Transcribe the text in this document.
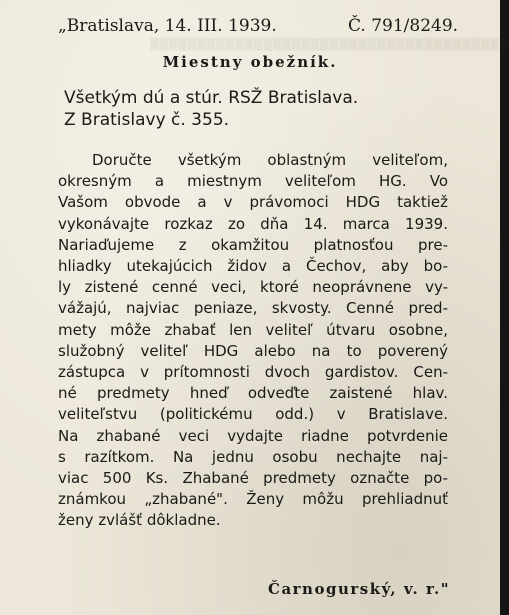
▒▒▒▒▒▒▒▒▒▒▒▒▒▒▒▒▒▒▒▒▒▒▒▒▒▒▒▒▒▒▒▒▒▒▒▒▒▒
„Bratislava, 14. III. 1939.	Č. 791/8249.
Miestny obežník.
Všetkým dú a stúr. RSŽ Bratislava.
Z Bratislavy č. 355.
Doručte všetkým oblastným veliteľom,
okresným a miestnym veliteľom HG. Vo
Vašom obvode a v právomoci HDG taktiež
vykonávajte rozkaz zo dňa 14. marca 1939.
Nariaďujeme z okamžitou platnosťou pre-
hliadky utekajúcich židov a Čechov, aby bo-
ly zistené cenné veci, ktoré neoprávnene vy-
vážajú, najviac peniaze, skvosty. Cenné pred-
mety môže zhabať len veliteľ útvaru osobne,
služobný veliteľ HDG alebo na to poverený
zástupca v prítomnosti dvoch gardistov. Cen-
né predmety hneď odveďte zaistené hlav.
veliteľstvu (politickému odd.) v Bratislave.
Na zhabané veci vydajte riadne potvrdenie
s razítkom. Na jednu osobu nechajte naj-
viac 500 Ks. Zhabané predmety označte po-
známkou „zhabané". Ženy môžu prehliadnuť
ženy zvlášť dôkladne.
Čarnogurský, v. r."
